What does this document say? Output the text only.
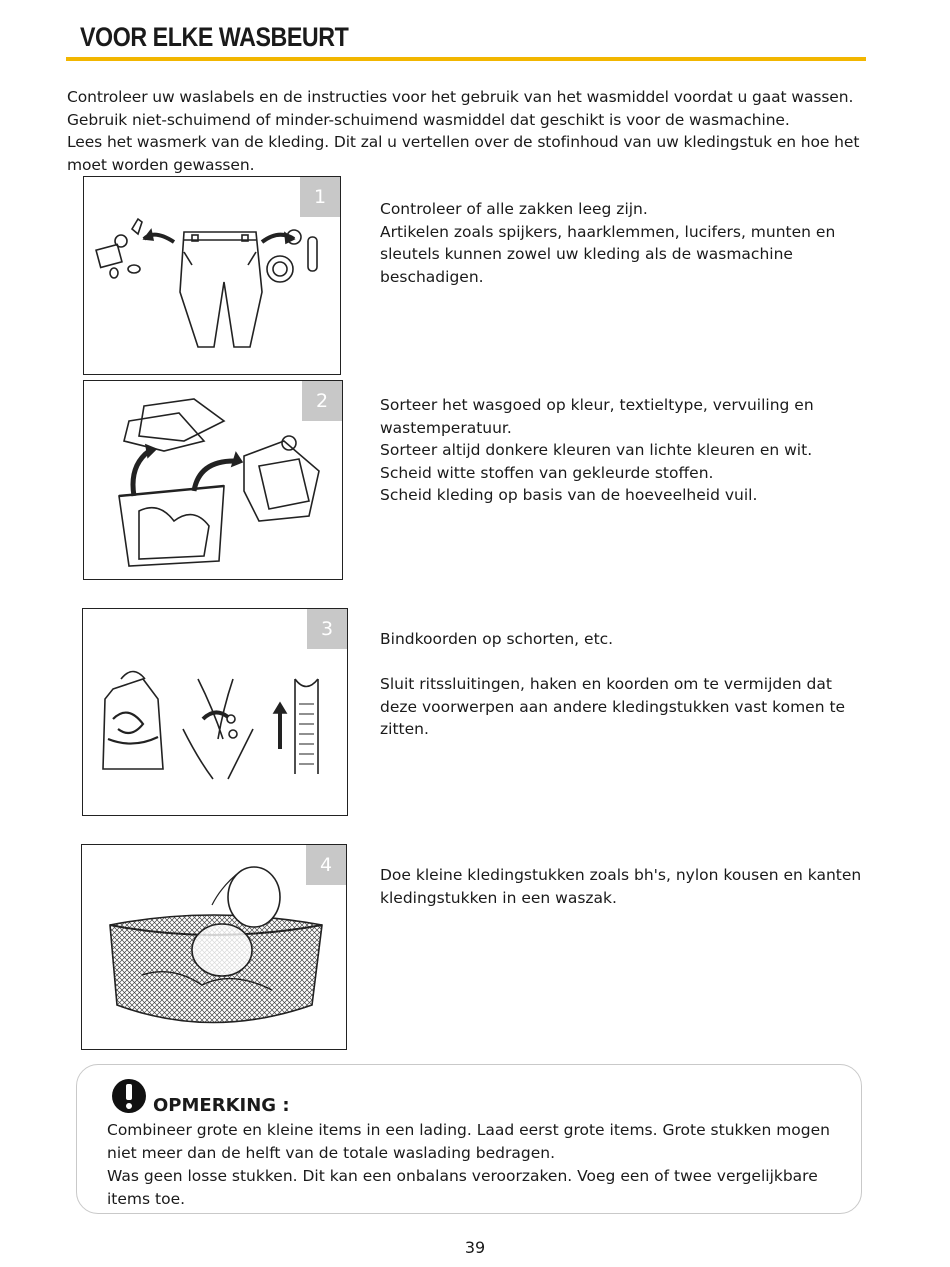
VOOR ELKE WASBEURT

Controleer uw waslabels en de instructies voor het gebruik van het wasmiddel voordat u gaat wassen.

Gebruik niet-schuimend of minder-schuimend wasmiddel dat geschikt is voor de wasmachine.

Lees het wasmerk van de kleding. Dit zal u vertellen over de stofinhoud van uw kledingstuk en hoe het moet worden gewassen.

1

Controleer of alle zakken leeg zijn.

Artikelen zoals spijkers, haarklemmen, lucifers, munten en sleutels kunnen zowel uw kleding als de wasmachine beschadigen.

2	Sorteer het wasgoed op kleur, textieltype, vervuiling en wastemperatuur.

Sorteer altijd donkere kleuren van lichte kleuren en wit.

Scheid witte stoffen van gekleurde stoffen.

Scheid kleding op basis van de hoeveelheid vuil.

3	Bindkoorden op schorten, etc.

Sluit ritssluitingen, haken en koorden om te vermijden dat deze voorwerpen aan andere kledingstukken vast komen te zitten.

4	Doe kleine kledingstukken zoals bh's, nylon kousen en kanten kledingstukken in een waszak.

OPMERKING :

Combineer grote en kleine items in een lading. Laad eerst grote items. Grote stukken mogen niet meer dan de helft van de totale waslading bedragen.

Was geen losse stukken. Dit kan een onbalans veroorzaken. Voeg een of twee vergelijkbare items toe.

39
